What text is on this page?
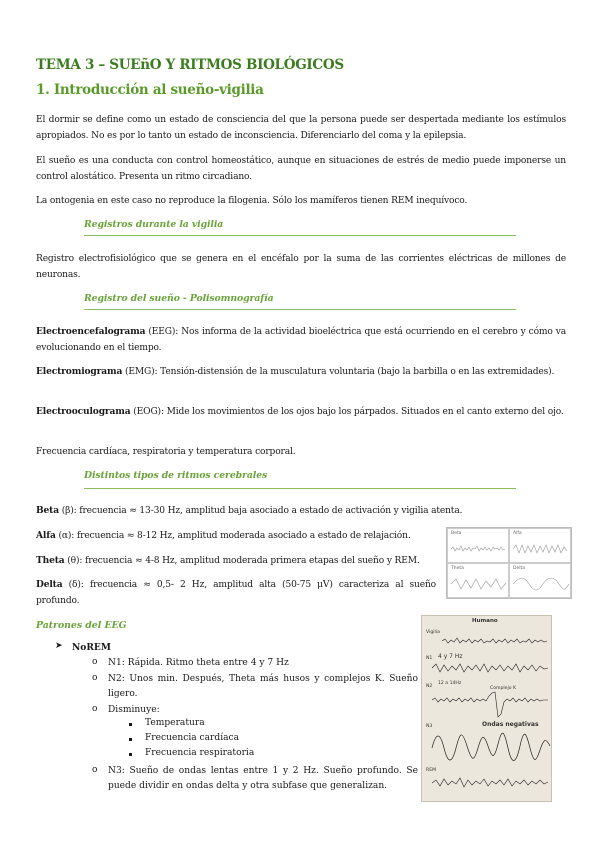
TEMA 3 – SUEñO Y RITMOS BIOLÓGICOS
1. Introducción al sueño-vigilia
El dormir se define como un estado de consciencia del que la persona puede ser despertada mediante los estímulos apropiados. No es por lo tanto un estado de inconsciencia. Diferenciarlo del coma y la epilepsia.
El sueño es una conducta con control homeostático, aunque en situaciones de estrés de medio puede imponerse un control alostático. Presenta un ritmo circadiano.
La ontogenia en este caso no reproduce la filogenia. Sólo los mamíferos tienen REM inequívoco.
Registros durante la vigilia
Registro electrofisiológico que se genera en el encéfalo por la suma de las corrientes eléctricas de millones de neuronas.
Registro del sueño - Polisomnografía
Electroencefalograma (EEG): Nos informa de la actividad bioeléctrica que está ocurriendo en el cerebro y cómo va evolucionando en el tiempo.
Electromiograma (EMG): Tensión-distensión de la musculatura voluntaria (bajo la barbilla o en las extremidades).
Electrooculograma (EOG): Mide los movimientos de los ojos bajo los párpados. Situados en el canto externo del ojo.
Frecuencia cardíaca, respiratoria y temperatura corporal.
Distintos tipos de ritmos cerebrales
Beta (β): frecuencia ≈ 13-30 Hz, amplitud baja asociado a estado de activación y vigilia atenta.
Alfa (α): frecuencia ≈ 8-12 Hz, amplitud moderada asociado a estado de relajación.
Theta (θ): frecuencia ≈ 4-8 Hz, amplitud moderada primera etapas del sueño y REM.
Delta (δ): frecuencia ≈ 0,5- 2 Hz, amplitud alta (50-75 μV) caracteriza al sueño profundo.
Beta	Alfa
Theta	Delta
Patrones del EEG
➤ NoREM
o N1: Rápida. Ritmo theta entre 4 y 7 Hz
o N2: Unos min. Después, Theta más husos y complejos K. Sueño ligero.
o Disminuye:
Temperatura
Frecuencia cardíaca
Frecuencia respiratoria
o N3: Sueño de ondas lentas entre 1 y 2 Hz. Sueño profundo. Se puede dividir en ondas delta y otra subfase que generalizan.
Humano
Vigilia
N1 4 y 7 Hz
N2
12 a 14Hz
Complejo K
N3	Ondas negativas
REM
